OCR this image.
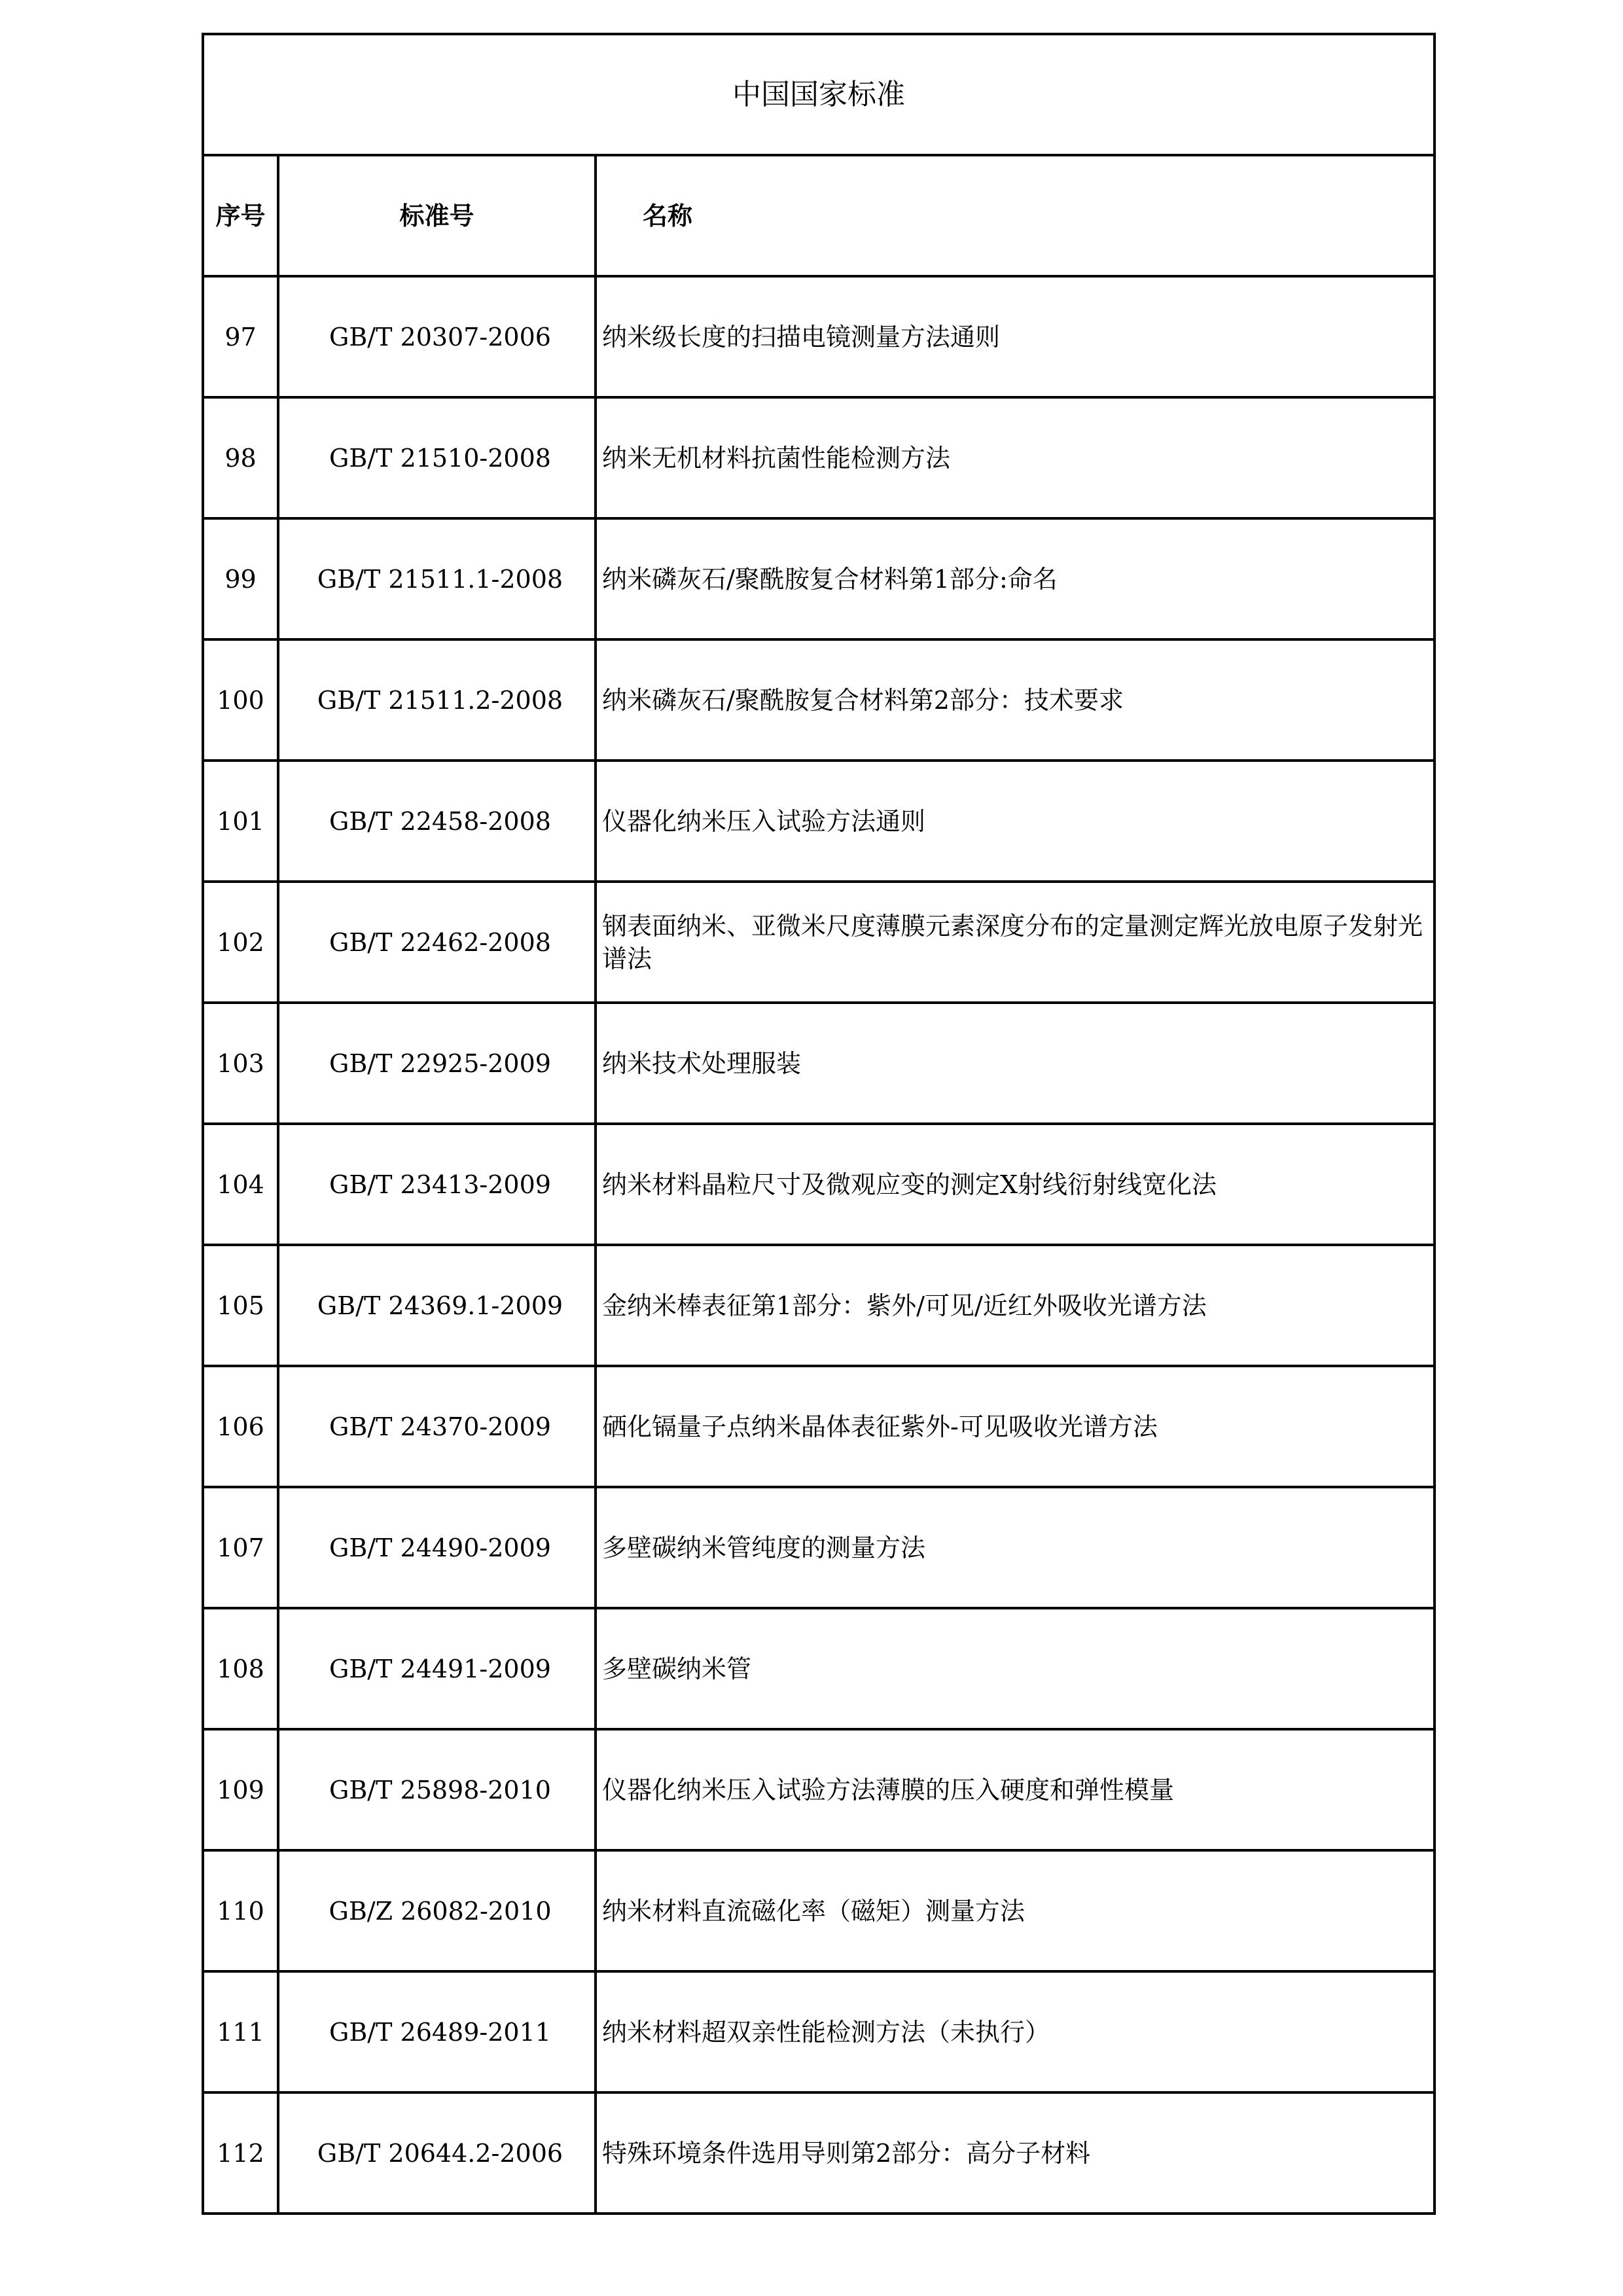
中国国家标准		
序号	标准号	名称
97	GB/T 20307-2006	纳米级长度的扫描电镜测量方法通则
98	GB/T 21510-2008	纳米无机材料抗菌性能检测方法
99	GB/T 21511.1-2008	纳米磷灰石/聚酰胺复合材料第1部分:命名
100	GB/T 21511.2-2008	纳米磷灰石/聚酰胺复合材料第2部分：技术要求
101	GB/T 22458-2008	仪器化纳米压入试验方法通则
102	GB/T 22462-2008	钢表面纳米、亚微米尺度薄膜元素深度分布的定量测定辉光放电原子发射光谱法
103	GB/T 22925-2009	纳米技术处理服装
104	GB/T 23413-2009	纳米材料晶粒尺寸及微观应变的测定X射线衍射线宽化法
105	GB/T 24369.1-2009	金纳米棒表征第1部分：紫外/可见/近红外吸收光谱方法
106	GB/T 24370-2009	硒化镉量子点纳米晶体表征紫外-可见吸收光谱方法
107	GB/T 24490-2009	多壁碳纳米管纯度的测量方法
108	GB/T 24491-2009	多壁碳纳米管
109	GB/T 25898-2010	仪器化纳米压入试验方法薄膜的压入硬度和弹性模量
110	GB/Z 26082-2010	纳米材料直流磁化率（磁矩）测量方法
111	GB/T 26489-2011	纳米材料超双亲性能检测方法（未执行）
112	GB/T 20644.2-2006	特殊环境条件选用导则第2部分：高分子材料
